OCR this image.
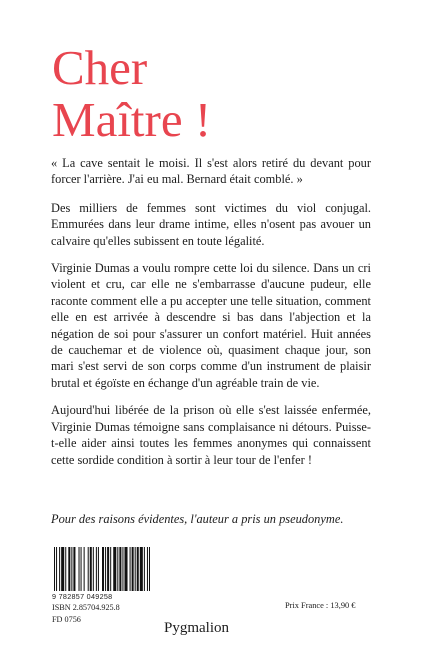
Cher
Maître !

« La cave sentait le moisi. Il s'est alors retiré du devant pour forcer l'arrière. J'ai eu mal. Bernard était comblé. »

Des milliers de femmes sont victimes du viol conjugal. Emmurées dans leur drame intime, elles n'osent pas avouer un calvaire qu'elles subissent en toute légalité.

Virginie Dumas a voulu rompre cette loi du silence. Dans un cri violent et cru, car elle ne s'embarrasse d'aucune pudeur, elle raconte comment elle a pu accepter une telle situation, comment elle en est arrivée à descendre si bas dans l'abjection et la négation de soi pour s'assurer un confort matériel. Huit années de cauchemar et de violence où, quasiment chaque jour, son mari s'est servi de son corps comme d'un instrument de plaisir brutal et égoïste en échange d'un agréable train de vie.

Aujourd'hui libérée de la prison où elle s'est laissée enfermée, Virginie Dumas témoigne sans complaisance ni détours. Puisse-t-elle aider ainsi toutes les femmes anonymes qui connaissent cette sordide condition à sortir à leur tour de l'enfer !

Pour des raisons évidentes, l'auteur a pris un pseudonyme.

9 782857 049258
ISBN 2.85704.925.8
FD 0756
Prix France : 13,90 €
Pygmalion
